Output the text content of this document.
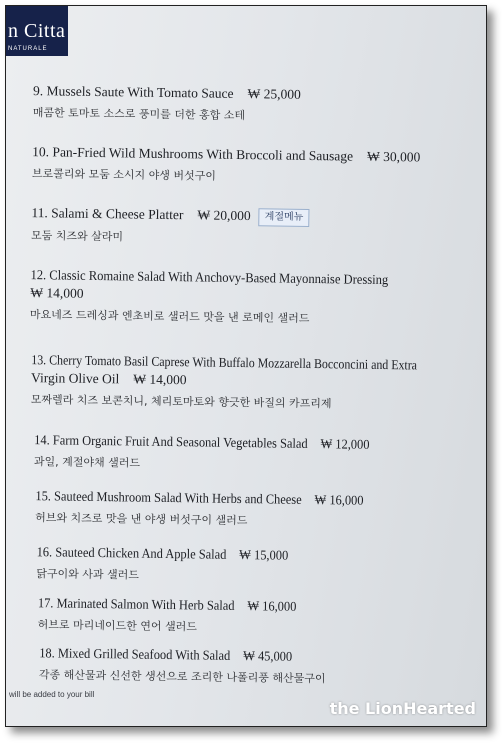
n Citta
NATURALE
9. Mussels Saute With Tomato Sauce ₩ 25,000
매콤한 토마토 소스로 풍미를 더한 홍합 소테
10. Pan-Fried Wild Mushrooms With Broccoli and Sausage ₩ 30,000
브로콜리와 모둠 소시지 야생 버섯구이
11. Salami & Cheese Platter ₩ 20,000 계절메뉴
모둠 치즈와 살라미
12. Classic Romaine Salad With Anchovy-Based Mayonnaise Dressing
₩ 14,000
마요네즈 드레싱과 엔초비로 샐러드 맛을 낸 로메인 샐러드
13. Cherry Tomato Basil Caprese With Buffalo Mozzarella Bocconcini and Extra
Virgin Olive Oil ₩ 14,000
모짜렐라 치즈 보콘치니, 체리토마토와 향긋한 바질의 카프리제
14. Farm Organic Fruit And Seasonal Vegetables Salad ₩ 12,000
과일, 계절야채 샐러드
15. Sauteed Mushroom Salad With Herbs and Cheese ₩ 16,000
허브와 치즈로 맛을 낸 야생 버섯구이 샐러드
16. Sauteed Chicken And Apple Salad ₩ 15,000
닭구이와 사과 샐러드
17. Marinated Salmon With Herb Salad ₩ 16,000
허브로 마리네이드한 연어 샐러드
18. Mixed Grilled Seafood With Salad ₩ 45,000
각종 해산물과 신선한 생선으로 조리한 나폴리풍 해산물구이
will be added to your bill
the LionHearted
